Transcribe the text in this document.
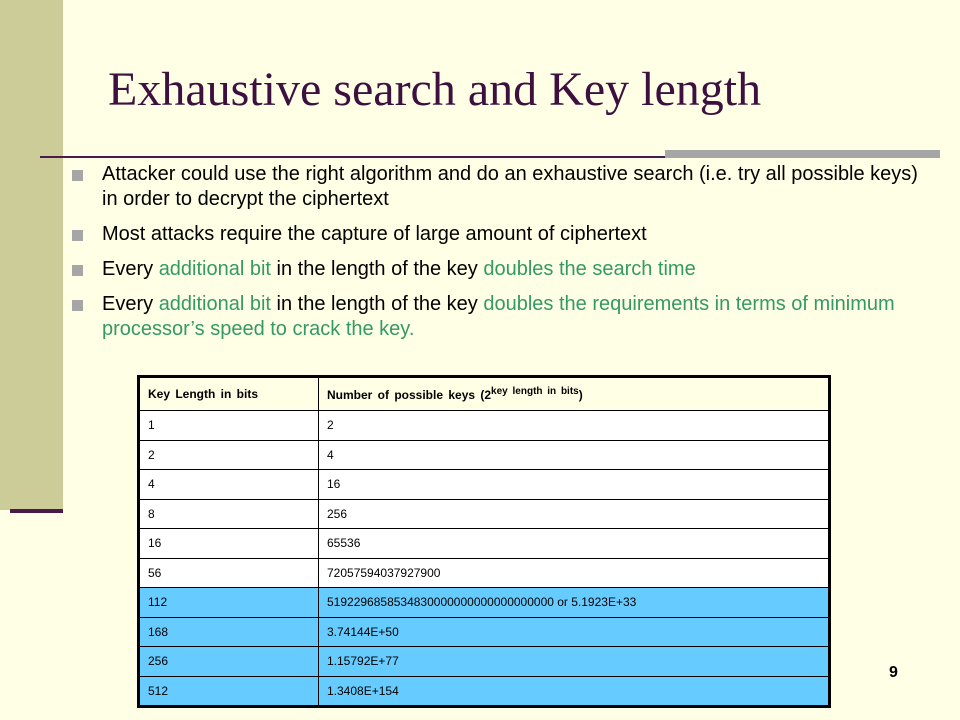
Exhaustive search and Key length
Attacker could use the right algorithm and do an exhaustive search (i.e. try all possible keys) in order to decrypt the ciphertext
Most attacks require the capture of large amount of ciphertext
Every additional bit in the length of the key doubles the search time
Every additional bit in the length of the key doubles the requirements in terms of minimum processor’s speed to crack the key.
Key Length in bits	Number of possible keys $(2^{key length in bits})$
1	2
2	4
4	16
8	256
16	65536
56	72057594037927900
112	5192296858534830000000000000000000 or 5.1923E+33
168	3.74144E+50
256	1.15792E+77
512	1.3408E+154
9
